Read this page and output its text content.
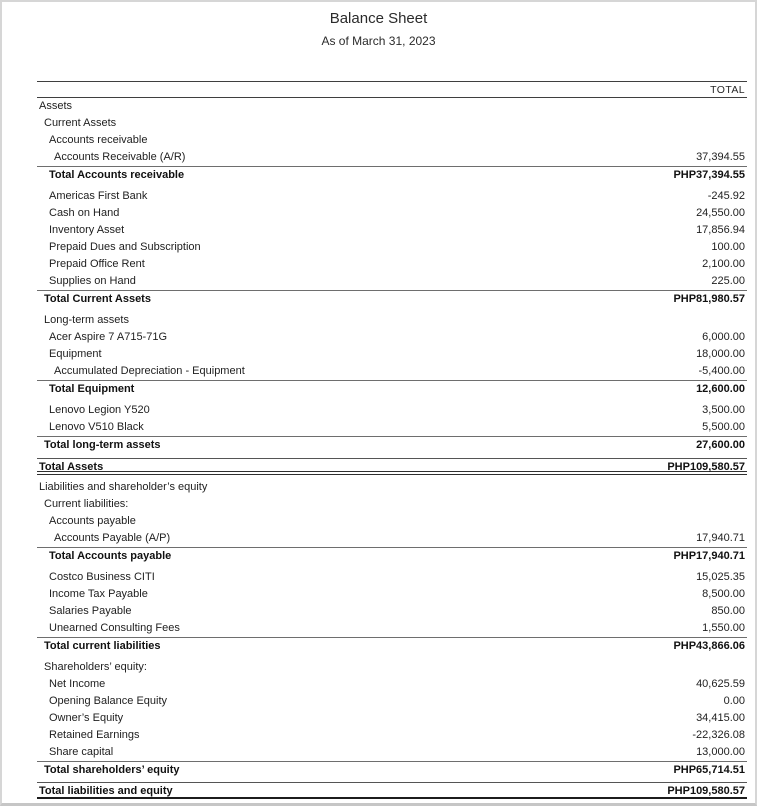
Balance Sheet
As of March 31, 2023
TOTAL
Assets
Current Assets
Accounts receivable
Accounts Receivable (A/R)	37,394.55
Total Accounts receivable	PHP37,394.55
Americas First Bank	-245.92
Cash on Hand	24,550.00
Inventory Asset	17,856.94
Prepaid Dues and Subscription	100.00
Prepaid Office Rent	2,100.00
Supplies on Hand	225.00
Total Current Assets	PHP81,980.57
Long-term assets
Acer Aspire 7 A715-71G	6,000.00
Equipment	18,000.00
Accumulated Depreciation - Equipment	-5,400.00
Total Equipment	12,600.00
Lenovo Legion Y520	3,500.00
Lenovo V510 Black	5,500.00
Total long-term assets	27,600.00
Total Assets	PHP109,580.57
Liabilities and shareholder’s equity
Current liabilities:
Accounts payable
Accounts Payable (A/P)	17,940.71
Total Accounts payable	PHP17,940.71
Costco Business CITI	15,025.35
Income Tax Payable	8,500.00
Salaries Payable	850.00
Unearned Consulting Fees	1,550.00
Total current liabilities	PHP43,866.06
Shareholders’ equity:
Net Income	40,625.59
Opening Balance Equity	0.00
Owner’s Equity	34,415.00
Retained Earnings	-22,326.08
Share capital	13,000.00
Total shareholders’ equity	PHP65,714.51
Total liabilities and equity	PHP109,580.57
